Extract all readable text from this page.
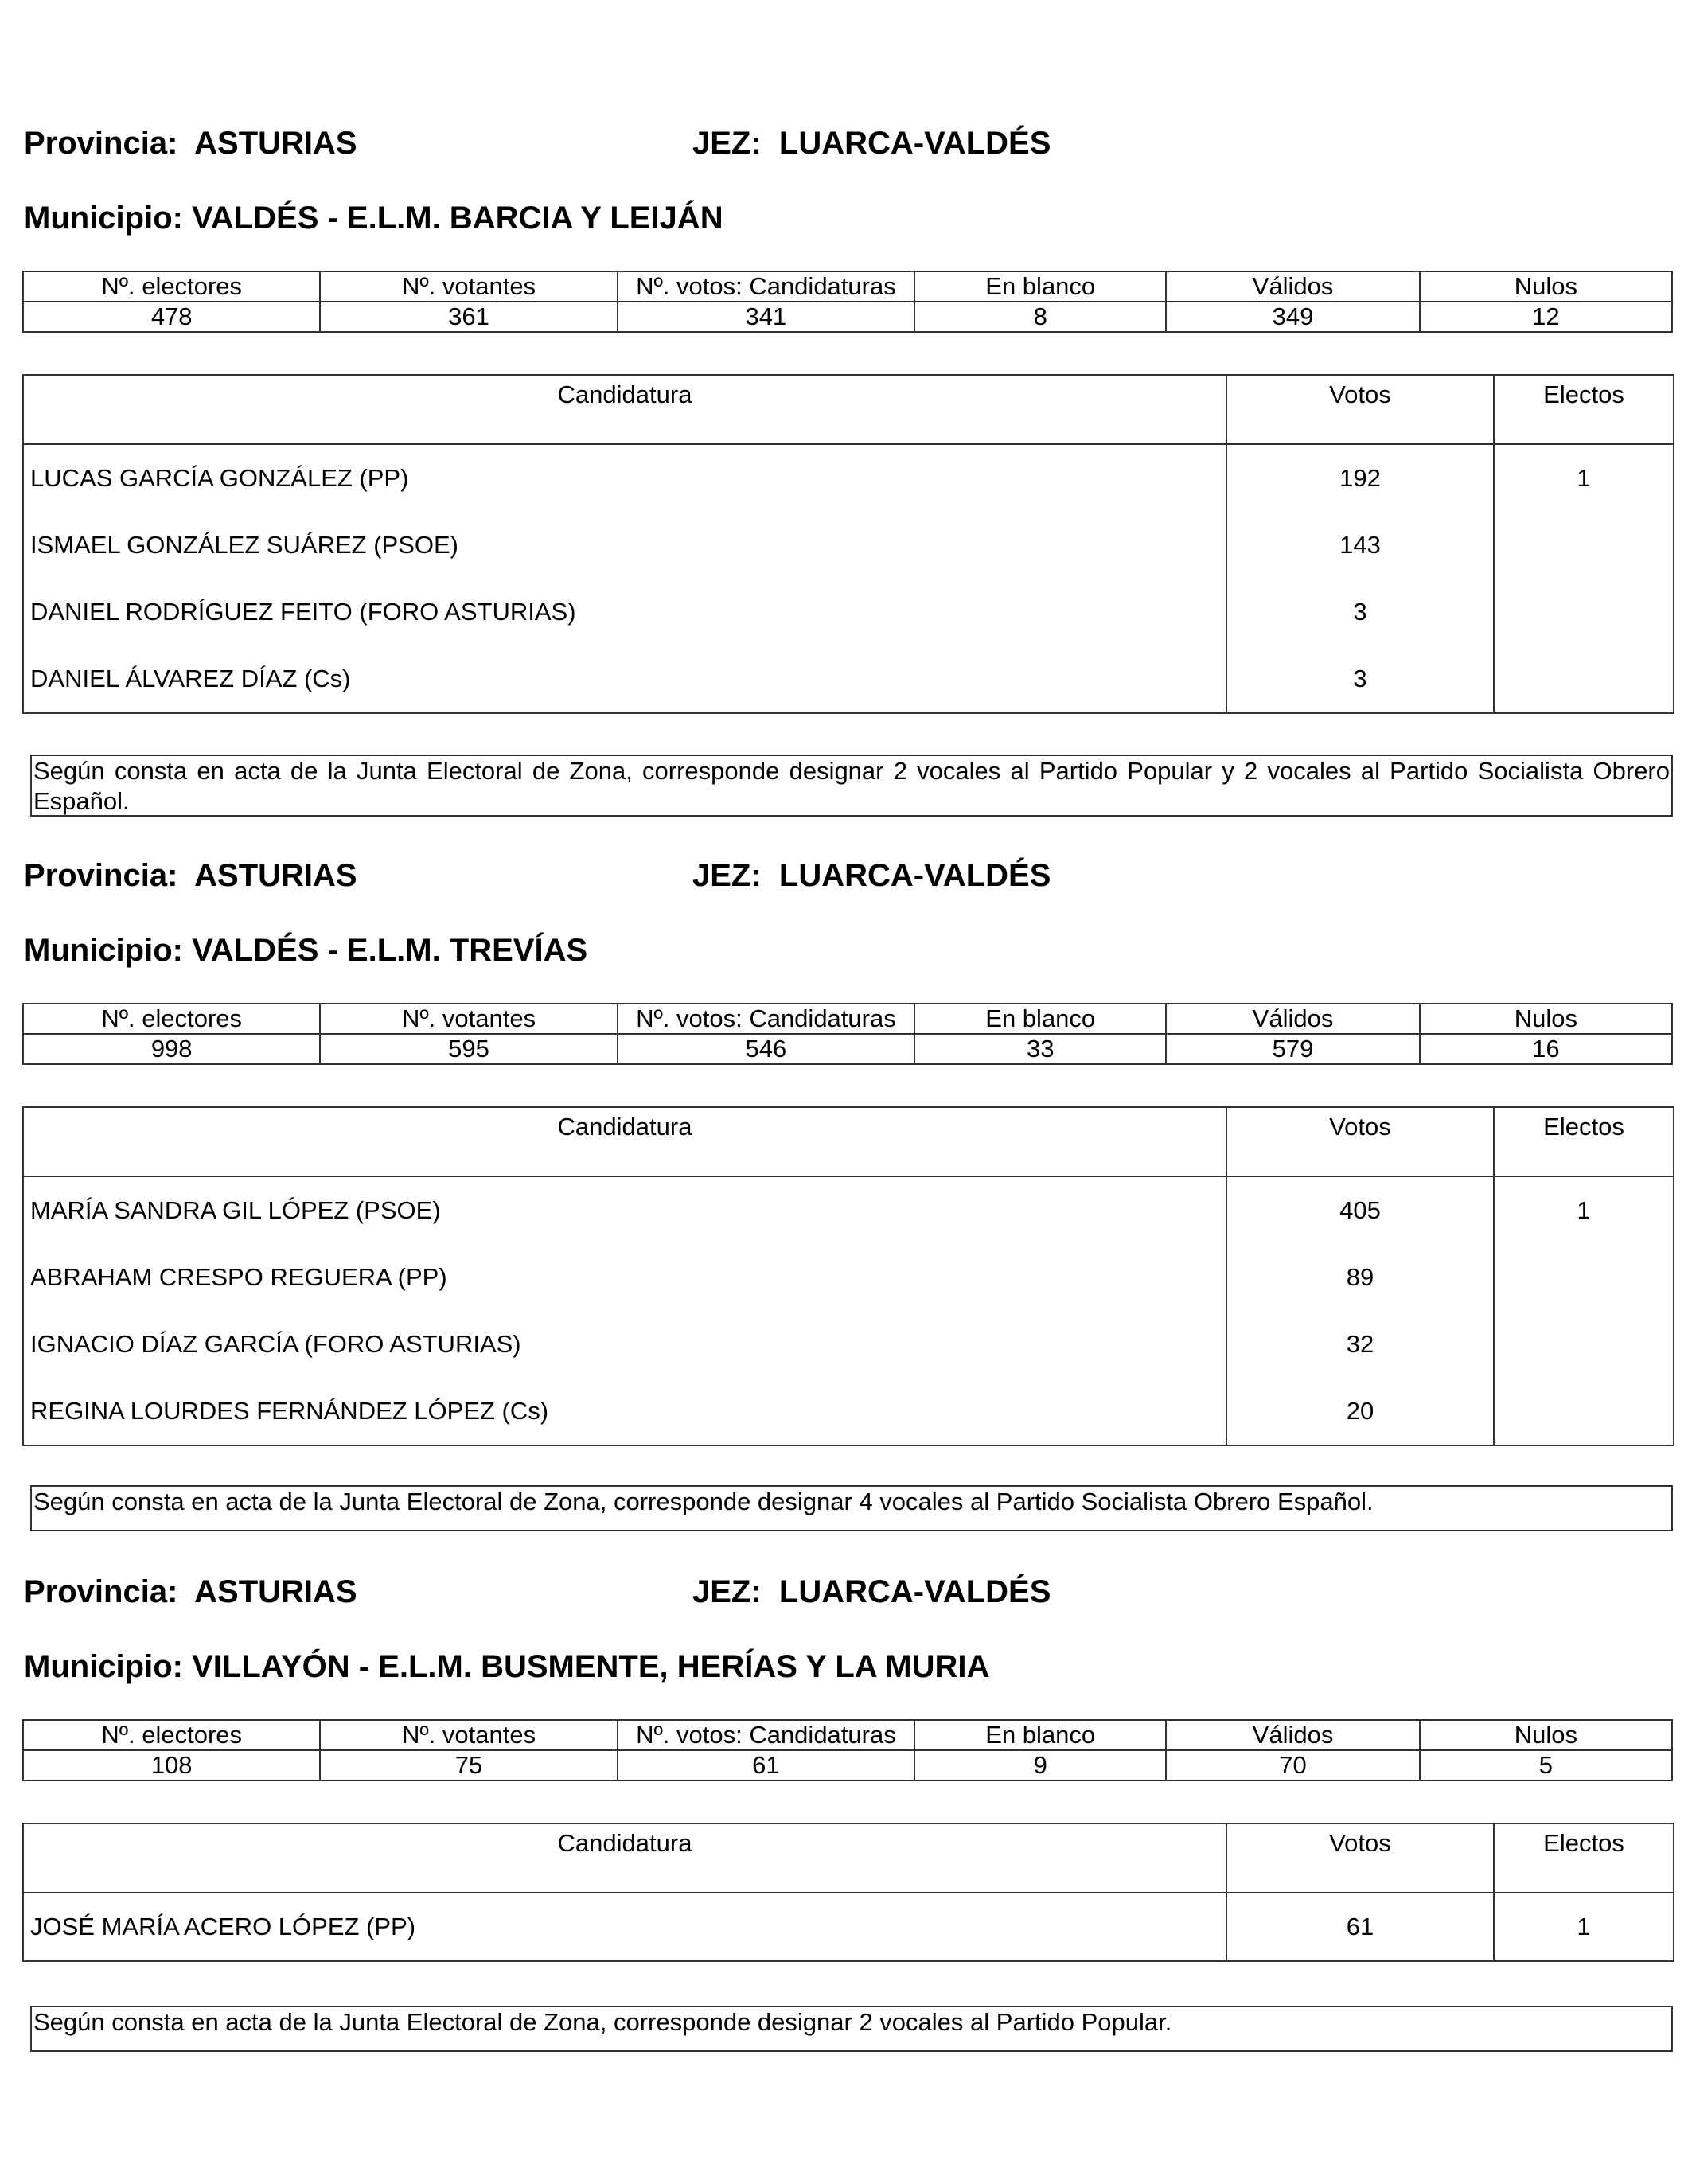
Provincia: ASTURIAS	JEZ: LUARCA-VALDÉS
Municipio: VALDÉS - E.L.M. BARCIA Y LEIJÁN
Nº. electores	Nº. votantes	Nº. votos: Candidaturas	En blanco	Válidos	Nulos
478	361	341	8	349	12
Candidatura	Votos	Electos
LUCAS GARCÍA GONZÁLEZ (PP)	192	1
ISMAEL GONZÁLEZ SUÁREZ (PSOE)	143	
DANIEL RODRÍGUEZ FEITO (FORO ASTURIAS)	3	
DANIEL ÁLVAREZ DÍAZ (Cs)	3	
Según consta en acta de la Junta Electoral de Zona, corresponde designar 2 vocales al Partido Popular y 2 vocales al Partido Socialista Obrero Español.
Provincia: ASTURIAS	JEZ: LUARCA-VALDÉS
Municipio: VALDÉS - E.L.M. TREVÍAS
Nº. electores	Nº. votantes	Nº. votos: Candidaturas	En blanco	Válidos	Nulos
998	595	546	33	579	16
Candidatura	Votos	Electos
MARÍA SANDRA GIL LÓPEZ (PSOE)	405	1
ABRAHAM CRESPO REGUERA (PP)	89	
IGNACIO DÍAZ GARCÍA (FORO ASTURIAS)	32	
REGINA LOURDES FERNÁNDEZ LÓPEZ (Cs)	20	
Según consta en acta de la Junta Electoral de Zona, corresponde designar 4 vocales al Partido Socialista Obrero Español.
Provincia: ASTURIAS	JEZ: LUARCA-VALDÉS
Municipio: VILLAYÓN - E.L.M. BUSMENTE, HERÍAS Y LA MURIA
Nº. electores	Nº. votantes	Nº. votos: Candidaturas	En blanco	Válidos	Nulos
108	75	61	9	70	5
Candidatura	Votos	Electos
JOSÉ MARÍA ACERO LÓPEZ (PP)	61	1
Según consta en acta de la Junta Electoral de Zona, corresponde designar 2 vocales al Partido Popular.
